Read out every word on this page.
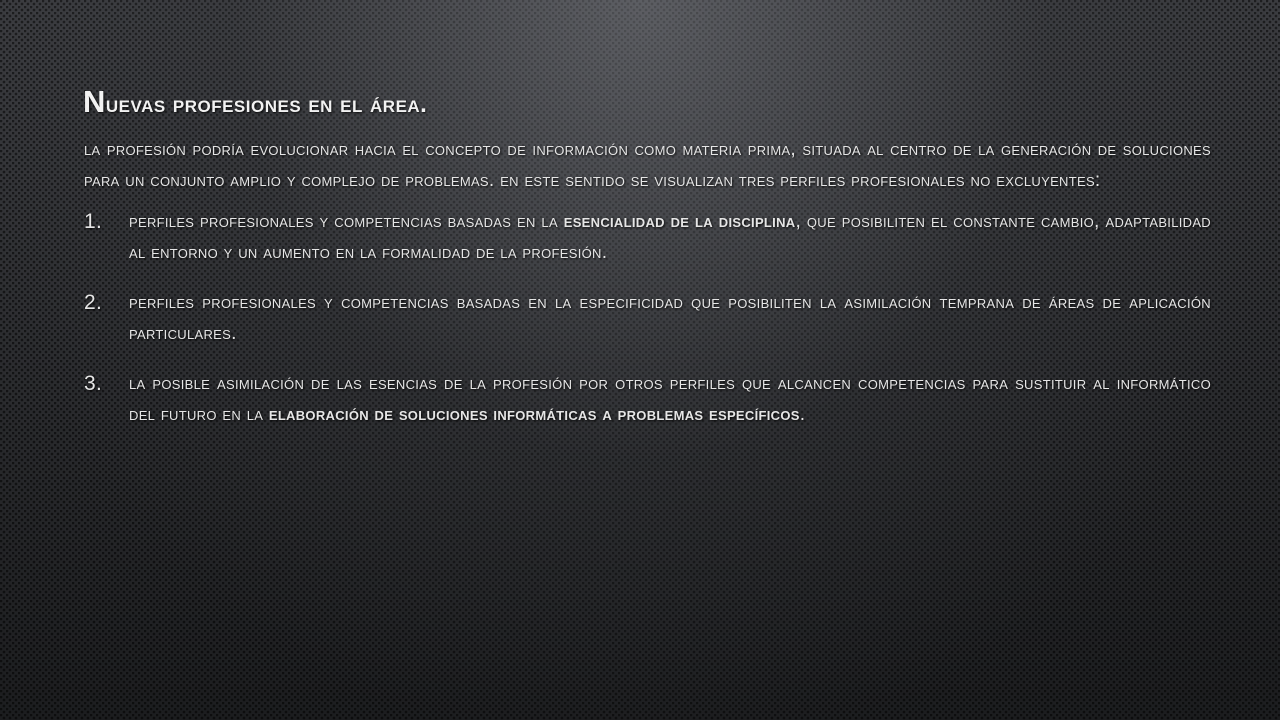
Nuevas profesiones en el área.

la profesión podría evolucionar hacia el concepto de información como materia prima, situada al centro de la generación de soluciones para un conjunto amplio y complejo de problemas. en este sentido se visualizan tres perfiles profesionales no excluyentes:

1. perfiles profesionales y competencias basadas en la esencialidad de la disciplina, que posibiliten el constante cambio, adaptabilidad al entorno y un aumento en la formalidad de la profesión.
2. perfiles profesionales y competencias basadas en la especificidad que posibiliten la asimilación temprana de áreas de aplicación particulares.
3. la posible asimilación de las esencias de la profesión por otros perfiles que alcancen competencias para sustituir al informático del futuro en la elaboración de soluciones informáticas a problemas específicos.
